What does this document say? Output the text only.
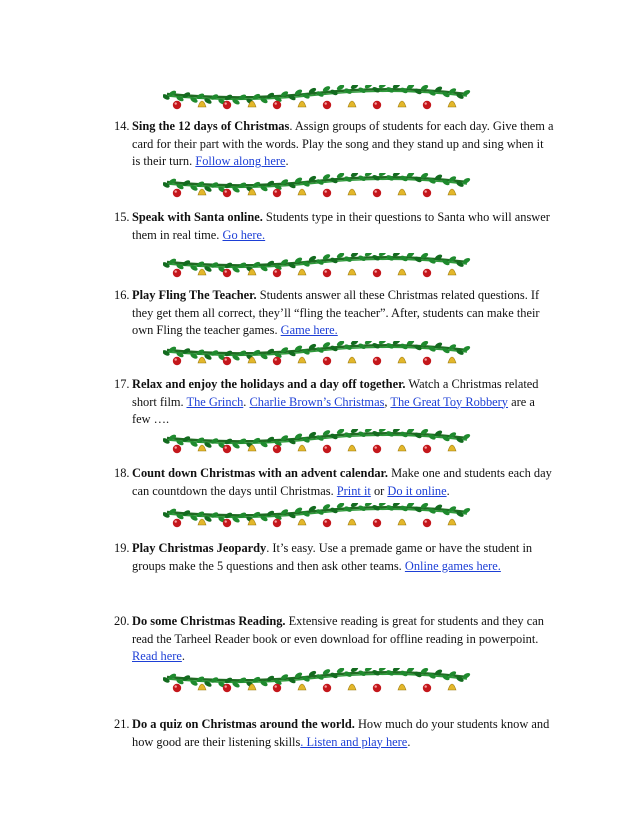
14. Sing the 12 days of Christmas. Assign groups of students for each day. Give them a card for their part with the words. Play the song and they stand up and sing when it is their turn. Follow along here.
15. Speak with Santa online. Students type in their questions to Santa who will answer them in real time. Go here.
16. Play Fling The Teacher. Students answer all these Christmas related questions. If they get them all correct, they’ll “fling the teacher”. After, students can make their own Fling the teacher games. Game here.
17. Relax and enjoy the holidays and a day off together. Watch a Christmas related short film. The Grinch. Charlie Brown’s Christmas, The Great Toy Robbery are a few ….
18. Count down Christmas with an advent calendar. Make one and students each day can countdown the days until Christmas. Print it or Do it online.
19. Play Christmas Jeopardy. It’s easy. Use a premade game or have the student in groups make the 5 questions and then ask other teams. Online games here.
20. Do some Christmas Reading. Extensive reading is great for students and they can read the Tarheel Reader book or even download for offline reading in powerpoint. Read here.
21. Do a quiz on Christmas around the world. How much do your students know and how good are their listening skills. Listen and play here.
